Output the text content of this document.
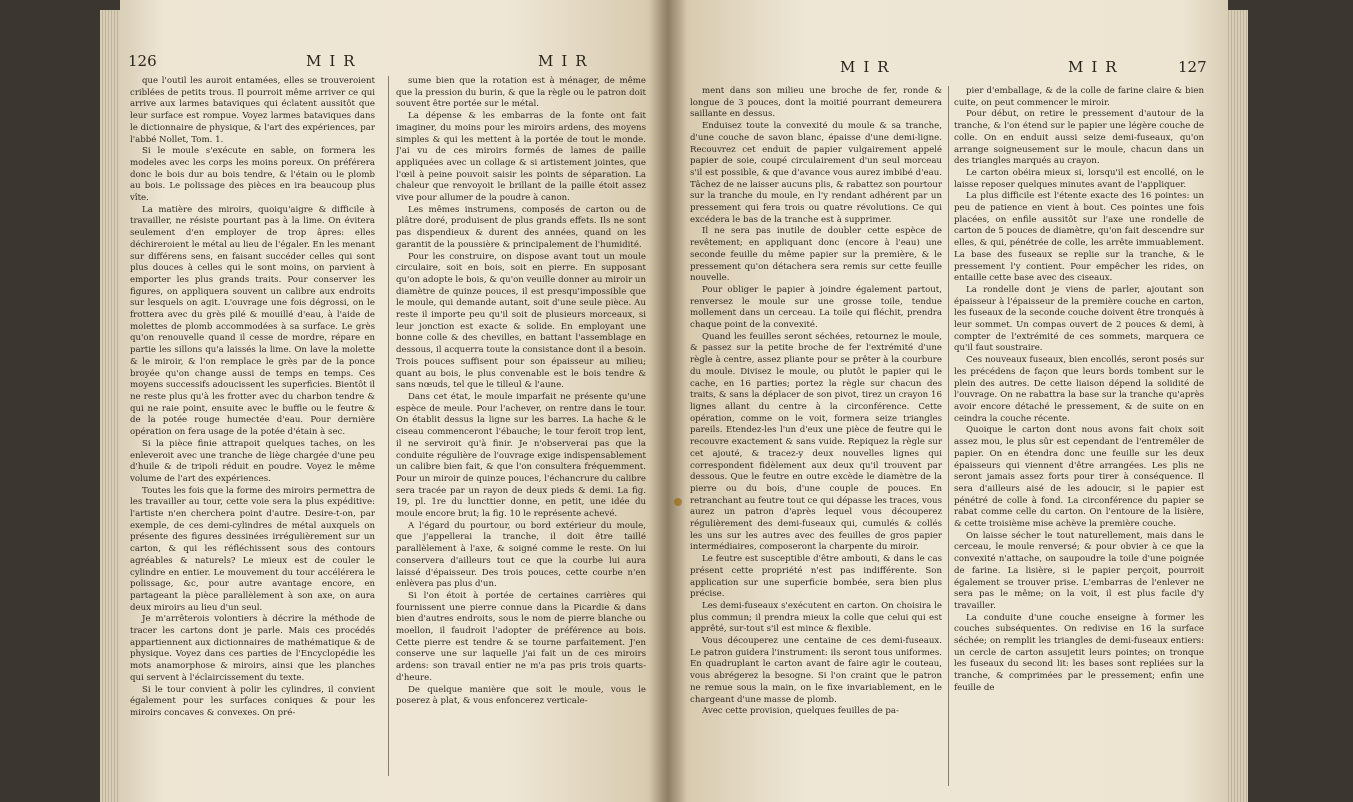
126	MIR	MIR

que l'outil les auroit entamées, elles se trouveroient criblées de petits trous. Il pourroit même arriver ce qui arrive aux larmes bataviques qui éclatent aussitôt que leur surface est rompue. Voyez larmes bataviques dans le dictionnaire de physique, & l'art des expériences, par l'abbé Nollet, Tom. 1.

Si le moule s'exécute en sable, on formera les modeles avec les corps les moins poreux. On préférera donc le bois dur au bois tendre, & l'étain ou le plomb au bois. Le polissage des pièces en ira beaucoup plus vîte.

La matière des miroirs, quoiqu'aigre & difficile à travailler, ne résiste pourtant pas à la lime. On évitera seulement d'en employer de trop âpres: elles déchireroient le métal au lieu de l'égaler. En les menant sur différens sens, en faisant succéder celles qui sont plus douces à celles qui le sont moins, on parvient à emporter les plus grands traits. Pour conserver les figures, on appliquera souvent un calibre aux endroits sur lesquels on agit. L'ouvrage une fois dégrossi, on le frottera avec du grès pilé & mouillé d'eau, à l'aide de molettes de plomb accommodées à sa surface. Le grès qu'on renouvelle quand il cesse de mordre, répare en partie les sillons qu'a laissés la lime. On lave la molette & le miroir, & l'on remplace le grès par de la ponce broyée qu'on change aussi de temps en temps. Ces moyens successifs adoucissent les superficies. Bientôt il ne reste plus qu'à les frotter avec du charbon tendre & qui ne raie point, ensuite avec le buffle ou le feutre & de la potée rouge humectée d'eau. Pour dernière opération on fera usage de la potée d'étain à sec.

Si la pièce finie attrapoit quelques taches, on les enleveroit avec une tranche de liège chargée d'une peu d'huile & de tripoli réduit en poudre. Voyez le même volume de l'art des expériences.

Toutes les fois que la forme des miroirs permettra de les travailler au tour, cette voie sera la plus expéditive: l'artiste n'en cherchera point d'autre. Desire-t-on, par exemple, de ces demi-cylindres de métal auxquels on présente des figures dessinées irrégulièrement sur un carton, & qui les réfléchissent sous des contours agréables & naturels? Le mieux est de couler le cylindre en entier. Le mouvement du tour accélérera le polissage, &c, pour autre avantage encore, en partageant la pièce parallèlement à son axe, on aura deux miroirs au lieu d'un seul.

Je m'arrêterois volontiers à décrire la méthode de tracer les cartons dont je parle. Mais ces procédés appartiennent aux dictionnaires de mathématique & de physique. Voyez dans ces parties de l'Encyclopédie les mots anamorphose & miroirs, ainsi que les planches qui servent à l'éclaircissement du texte.

Si le tour convient à polir les cylindres, il convient également pour les surfaces coniques & pour les miroirs concaves & convexes. On pré-

sume bien que la rotation est à ménager, de même que la pression du burin, & que la règle ou le patron doit souvent être portée sur le métal.

La dépense & les embarras de la fonte ont fait imaginer, du moins pour les miroirs ardens, des moyens simples & qui les mettent à la portée de tout le monde. J'ai vu de ces miroirs formés de lames de paille appliquées avec un collage & si artistement jointes, que l'œil à peine pouvoit saisir les points de séparation. La chaleur que renvoyoit le brillant de la paille étoit assez vive pour allumer de la poudre à canon.

Les mêmes instrumens, composés de carton ou de plâtre doré, produisent de plus grands effets. Ils ne sont pas dispendieux & durent des années, quand on les garantit de la poussière & principalement de l'humidité.

Pour les construire, on dispose avant tout un moule circulaire, soit en bois, soit en pierre. En supposant qu'on adopte le bois, & qu'on veuille donner au miroir un diamètre de quinze pouces, il est presqu'impossible que le moule, qui demande autant, soit d'une seule pièce. Au reste il importe peu qu'il soit de plusieurs morceaux, si leur jonction est exacte & solide. En employant une bonne colle & des chevilles, en battant l'assemblage en dessous, il acquerra toute la consistance dont il a besoin. Trois pouces suffisent pour son épaisseur au milieu; quant au bois, le plus convenable est le bois tendre & sans nœuds, tel que le tilleul & l'aune.

Dans cet état, le moule imparfait ne présente qu'une espèce de meule. Pour l'achever, on rentre dans le tour. On établit dessus la ligne sur les barres. La hache & le ciseau commenceront l'ébauche; le tour feroit trop lent, il ne serviroit qu'à finir. Je n'observerai pas que la conduite régulière de l'ouvrage exige indispensablement un calibre bien fait, & que l'on consultera fréquemment. Pour un miroir de quinze pouces, l'échancrure du calibre sera tracée par un rayon de deux pieds & demi. La fig. 19, pl. 1re du luncttier donne, en petit, une idée du moule encore brut; la fig. 10 le représente achevé.

A l'égard du pourtour, ou bord extérieur du moule, que j'appellerai la tranche, il doit être taillé parallèlement à l'axe, & soigné comme le reste. On lui conservera d'ailleurs tout ce que la courbe lui aura laissé d'épaisseur. Des trois pouces, cette courbe n'en enlèvera pas plus d'un.

Si l'on étoit à portée de certaines carrières qui fournissent une pierre connue dans la Picardie & dans bien d'autres endroits, sous le nom de pierre blanche ou moellon, il faudroit l'adopter de préférence au bois. Cette pierre est tendre & se tourne parfaitement. J'en conserve une sur laquelle j'ai fait un de ces miroirs ardens: son travail entier ne m'a pas pris trois quarts-d'heure.

De quelque manière que soit le moule, vous le poserez à plat, & vous enfoncerez verticale-

MIR	MIR	127

ment dans son milieu une broche de fer, ronde & longue de 3 pouces, dont la moitié pourrant demeurera saillante en dessus.

Enduisez toute la convexité du moule & sa tranche, d'une couche de savon blanc, épaisse d'une demi-ligne. Recouvrez cet enduit de papier vulgairement appelé papier de soie, coupé circulairement d'un seul morceau s'il est possible, & que d'avance vous aurez imbibé d'eau. Tâchez de ne laisser aucuns plis, & rabattez son pourtour sur la tranche du moule, en l'y rendant adhérent par un pressement qui fera trois ou quatre révolutions. Ce qui excédera le bas de la tranche est à supprimer.

Il ne sera pas inutile de doubler cette espèce de revêtement; en appliquant donc (encore à l'eau) une seconde feuille du même papier sur la première, & le pressement qu'on détachera sera remis sur cette feuille nouvelle.

Pour obliger le papier à joindre également partout, renversez le moule sur une grosse toile, tendue mollement dans un cerceau. La toile qui fléchit, prendra chaque point de la convexité.

Quand les feuilles seront séchées, retournez le moule, & passez sur la petite broche de fer l'extrémité d'une règle à centre, assez pliante pour se prêter à la courbure du moule. Divisez le moule, ou plutôt le papier qui le cache, en 16 parties; portez la règle sur chacun des traits, & sans la déplacer de son pivot, tirez un crayon 16 lignes allant du centre à la circonférence. Cette opération, comme on le voit, formera seize triangles pareils. Etendez-les l'un d'eux une pièce de feutre qui le recouvre exactement & sans vuide. Repiquez la règle sur cet ajouté, & tracez-y deux nouvelles lignes qui correspondent fidèlement aux deux qu'il trouvent par dessous. Que le feutre en outre excède le diamètre de la pierre ou du bois, d'une couple de pouces. En retranchant au feutre tout ce qui dépasse les traces, vous aurez un patron d'après lequel vous découperez régulièrement des demi-fuseaux qui, cumulés & collés les uns sur les autres avec des feuilles de gros papier intermédiaires, composeront la charpente du miroir.

Le feutre est susceptible d'être ambouti, & dans le cas présent cette propriété n'est pas indifférente. Son application sur une superficie bombée, sera bien plus précise.

Les demi-fuseaux s'exécutent en carton. On choisira le plus commun; il prendra mieux la colle que celui qui est apprêté, sur-tout s'il est mince & flexible.

Vous découperez une centaine de ces demi-fuseaux. Le patron guidera l'instrument: ils seront tous uniformes. En quadruplant le carton avant de faire agir le couteau, vous abrégerez la besogne. Si l'on craint que le patron ne remue sous la main, on le fixe invariablement, en le chargeant d'une masse de plomb.

Avec cette provision, quelques feuilles de pa-

pier d'emballage, & de la colle de farine claire & bien cuite, on peut commencer le miroir.

Pour début, on retire le pressement d'autour de la tranche, & l'on étend sur le papier une légère couche de colle. On en enduit aussi seize demi-fuseaux, qu'on arrange soigneusement sur le moule, chacun dans un des triangles marqués au crayon.

Le carton obéira mieux si, lorsqu'il est encollé, on le laisse reposer quelques minutes avant de l'appliquer.

La plus difficile est l'étente exacte des 16 pointes: un peu de patience en vient à bout. Ces pointes une fois placées, on enfile aussitôt sur l'axe une rondelle de carton de 5 pouces de diamètre, qu'on fait descendre sur elles, & qui, pénétrée de colle, les arrête immuablement. La base des fuseaux se replie sur la tranche, & le pressement l'y contient. Pour empêcher les rides, on entaille cette base avec des ciseaux.

La rondelle dont je viens de parler, ajoutant son épaisseur à l'épaisseur de la première couche en carton, les fuseaux de la seconde couche doivent être tronqués à leur sommet. Un compas ouvert de 2 pouces & demi, à compter de l'extrémité de ces sommets, marquera ce qu'il faut soustraire.

Ces nouveaux fuseaux, bien encollés, seront posés sur les précédens de façon que leurs bords tombent sur le plein des autres. De cette liaison dépend la solidité de l'ouvrage. On ne rabattra la base sur la tranche qu'après avoir encore détaché le pressement, & de suite on en ceindra la couche récente.

Quoique le carton dont nous avons fait choix soit assez mou, le plus sûr est cependant de l'entremêler de papier. On en étendra donc une feuille sur les deux épaisseurs qui viennent d'être arrangées. Les plis ne seront jamais assez forts pour tirer à conséquence. Il sera d'ailleurs aisé de les adoucir, si le papier est pénétré de colle à fond. La circonférence du papier se rabat comme celle du carton. On l'entoure de la lisière, & cette troisième mise achève la première couche.

On laisse sécher le tout naturellement, mais dans le cerceau, le moule renversé; & pour obvier à ce que la convexité n'attache, on saupoudre la toile d'une poignée de farine. La lisière, si le papier perçoit, pourroit également se trouver prise. L'embarras de l'enlever ne sera pas le même; on la voit, il est plus facile d'y travailler.

La conduite d'une couche enseigne à former les couches subséquentes. On redivise en 16 la surface séchée; on remplit les triangles de demi-fuseaux entiers: un cercle de carton assujetit leurs pointes; on tronque les fuseaux du second lit: les bases sont repliées sur la tranche, & comprimées par le pressement; enfin une feuille de
